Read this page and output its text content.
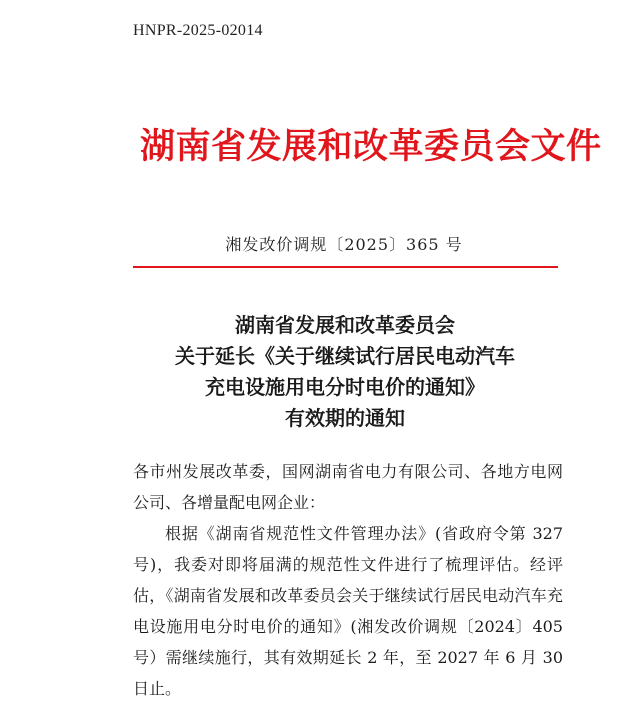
HNPR-2025-02014
湖南省发展和改革委员会文件
湘发改价调规〔2025〕365 号
湖南省发展和改革委员会
关于延长《关于继续试行居民电动汽车
充电设施用电分时电价的通知》
有效期的通知

各市州发展改革委，国网湖南省电力有限公司、各地方电网公司、各增量配电网企业：

根据《湖南省规范性文件管理办法》(省政府令第 327 号)，我委对即将届满的规范性文件进行了梳理评估。经评估，《湖南省发展和改革委员会关于继续试行居民电动汽车充电设施用电分时电价的通知》(湘发改价调规〔2024〕405 号）需继续施行，其有效期延长 2 年，至 2027 年 6 月 30 日止。
